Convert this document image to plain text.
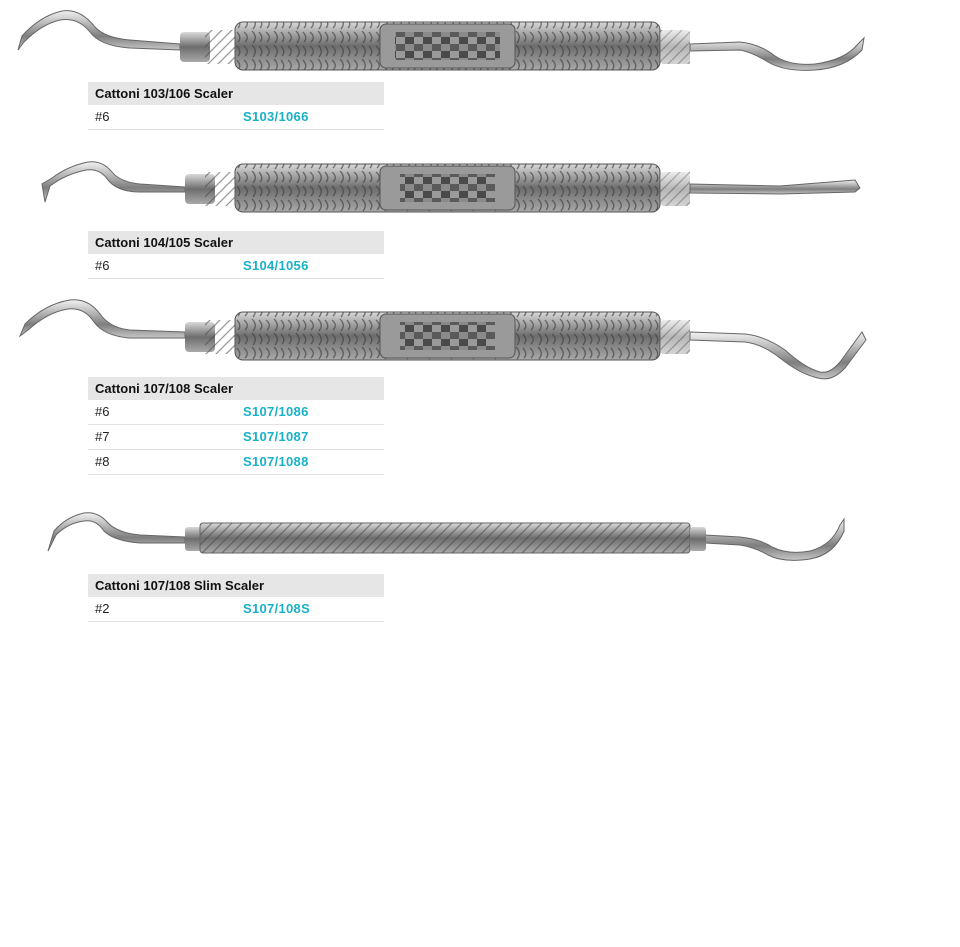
Cattoni 103/106 Scaler
#6	S103/1066
Cattoni 104/105 Scaler
#6	S104/1056
Cattoni 107/108 Scaler
#6	S107/1086
#7	S107/1087
#8	S107/1088
Cattoni 107/108 Slim Scaler
#2	S107/108S
